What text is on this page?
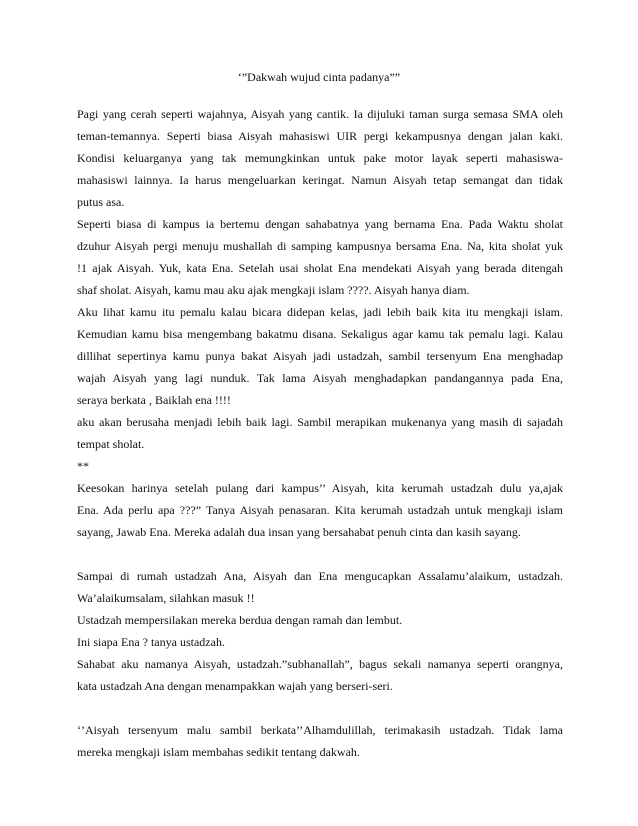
‘”Dakwah wujud cinta padanya””

Pagi yang cerah seperti wajahnya, Aisyah yang cantik. Ia dijuluki taman surga semasa SMA oleh
teman-temannya. Seperti biasa Aisyah mahasiswi UIR pergi kekampusnya dengan jalan kaki.
Kondisi keluarganya yang tak memungkinkan untuk pake motor layak seperti mahasiswa-
mahasiswi lainnya. Ia harus mengeluarkan keringat. Namun Aisyah tetap semangat dan tidak
putus asa.
Seperti biasa di kampus ia bertemu dengan sahabatnya yang bernama Ena. Pada Waktu sholat
dzuhur Aisyah pergi menuju mushallah di samping kampusnya bersama Ena. Na, kita sholat yuk
!1 ajak Aisyah. Yuk, kata Ena. Setelah usai sholat Ena mendekati Aisyah yang berada ditengah
shaf sholat. Aisyah, kamu mau aku ajak mengkaji islam ????. Aisyah hanya diam.
Aku lihat kamu itu pemalu kalau bicara didepan kelas, jadi lebih baik kita itu mengkaji islam.
Kemudian kamu bisa mengembang bakatmu disana. Sekaligus agar kamu tak pemalu lagi. Kalau
dillihat sepertinya kamu punya bakat Aisyah jadi ustadzah, sambil tersenyum Ena menghadap
wajah Aisyah yang lagi nunduk. Tak lama Aisyah menghadapkan pandangannya pada Ena,
seraya berkata , Baiklah ena !!!!
aku akan berusaha menjadi lebih baik lagi. Sambil merapikan mukenanya yang masih di sajadah
tempat sholat.
**
Keesokan harinya setelah pulang dari kampus’’ Aisyah, kita kerumah ustadzah dulu ya,ajak
Ena. Ada perlu apa ???” Tanya Aisyah penasaran. Kita kerumah ustadzah untuk mengkaji islam
sayang, Jawab Ena. Mereka adalah dua insan yang bersahabat penuh cinta dan kasih sayang.
Sampai di rumah ustadzah Ana, Aisyah dan Ena mengucapkan Assalamu’alaikum, ustadzah.
Wa’alaikumsalam, silahkan masuk !!
Ustadzah mempersilakan mereka berdua dengan ramah dan lembut.
Ini siapa Ena ? tanya ustadzah.
Sahabat aku namanya Aisyah, ustadzah.”subhanallah”, bagus sekali namanya seperti orangnya,
kata ustadzah Ana dengan menampakkan wajah yang berseri-seri.
‘’Aisyah tersenyum malu sambil berkata’’Alhamdulillah, terimakasih ustadzah. Tidak lama
mereka mengkaji islam membahas sedikit tentang dakwah.
